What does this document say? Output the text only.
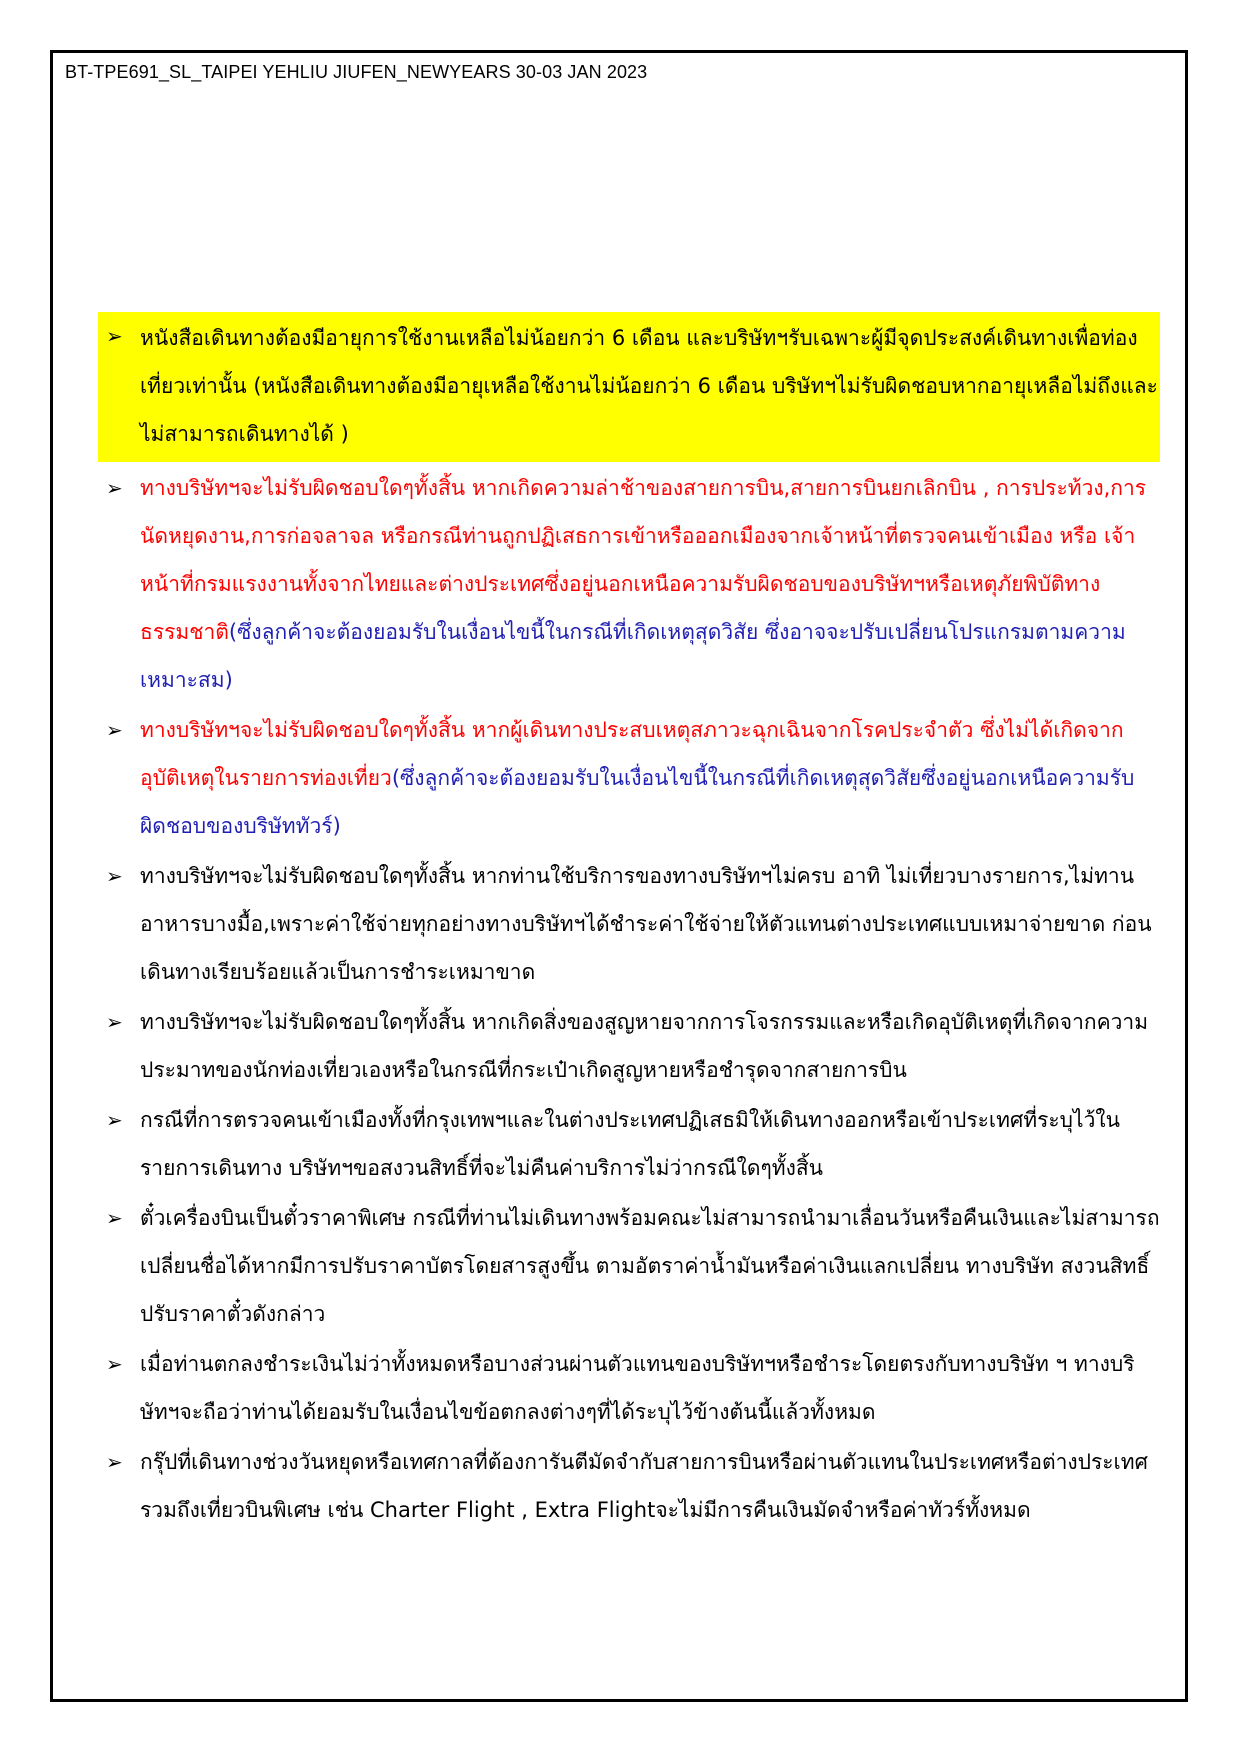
BT-TPE691_SL_TAIPEI YEHLIU JIUFEN_NEWYEARS 30-03 JAN 2023
➢ หนังสือเดินทางต้องมีอายุการใช้งานเหลือไม่น้อยกว่า 6 เดือน และบริษัทฯรับเฉพาะผู้มีจุดประสงค์เดินทางเพื่อท่องเที่ยวเท่านั้น (หนังสือเดินทางต้องมีอายุเหลือใช้งานไม่น้อยกว่า 6 เดือน บริษัทฯไม่รับผิดชอบหากอายุเหลือไม่ถึงและไม่สามารถเดินทางได้ )
➢ ทางบริษัทฯจะไม่รับผิดชอบใดๆทั้งสิ้น หากเกิดความล่าช้าของสายการบิน,สายการบินยกเลิกบิน , การประท้วง,การนัดหยุดงาน,การก่อจลาจล หรือกรณีท่านถูกปฏิเสธการเข้าหรือออกเมืองจากเจ้าหน้าที่ตรวจคนเข้าเมือง หรือ เจ้าหน้าที่กรมแรงงานทั้งจากไทยและต่างประเทศซึ่งอยู่นอกเหนือความรับผิดชอบของบริษัทฯหรือเหตุภัยพิบัติทางธรรมชาติ(ซึ่งลูกค้าจะต้องยอมรับในเงื่อนไขนี้ในกรณีที่เกิดเหตุสุดวิสัย ซึ่งอาจจะปรับเปลี่ยนโปรแกรมตามความเหมาะสม)
➢ ทางบริษัทฯจะไม่รับผิดชอบใดๆทั้งสิ้น หากผู้เดินทางประสบเหตุสภาวะฉุกเฉินจากโรคประจำตัว ซึ่งไม่ได้เกิดจากอุบัติเหตุในรายการท่องเที่ยว(ซึ่งลูกค้าจะต้องยอมรับในเงื่อนไขนี้ในกรณีที่เกิดเหตุสุดวิสัยซึ่งอยู่นอกเหนือความรับผิดชอบของบริษัททัวร์)
➢ ทางบริษัทฯจะไม่รับผิดชอบใดๆทั้งสิ้น หากท่านใช้บริการของทางบริษัทฯไม่ครบ อาทิ ไม่เที่ยวบางรายการ,ไม่ทานอาหารบางมื้อ,เพราะค่าใช้จ่ายทุกอย่างทางบริษัทฯได้ชำระค่าใช้จ่ายให้ตัวแทนต่างประเทศแบบเหมาจ่ายขาด ก่อนเดินทางเรียบร้อยแล้วเป็นการชำระเหมาขาด
➢ ทางบริษัทฯจะไม่รับผิดชอบใดๆทั้งสิ้น หากเกิดสิ่งของสูญหายจากการโจรกรรมและหรือเกิดอุบัติเหตุที่เกิดจากความประมาทของนักท่องเที่ยวเองหรือในกรณีที่กระเป๋าเกิดสูญหายหรือชำรุดจากสายการบิน
➢ กรณีที่การตรวจคนเข้าเมืองทั้งที่กรุงเทพฯและในต่างประเทศปฏิเสธมิให้เดินทางออกหรือเข้าประเทศที่ระบุไว้ในรายการเดินทาง บริษัทฯขอสงวนสิทธิ์ที่จะไม่คืนค่าบริการไม่ว่ากรณีใดๆทั้งสิ้น
➢ ตั๋วเครื่องบินเป็นตั๋วราคาพิเศษ กรณีที่ท่านไม่เดินทางพร้อมคณะไม่สามารถนำมาเลื่อนวันหรือคืนเงินและไม่สามารถเปลี่ยนชื่อได้หากมีการปรับราคาบัตรโดยสารสูงขึ้น ตามอัตราค่าน้ำมันหรือค่าเงินแลกเปลี่ยน ทางบริษัท สงวนสิทธิ์ปรับราคาตั๋วดังกล่าว
➢ เมื่อท่านตกลงชำระเงินไม่ว่าทั้งหมดหรือบางส่วนผ่านตัวแทนของบริษัทฯหรือชำระโดยตรงกับทางบริษัท ฯ ทางบริษัทฯจะถือว่าท่านได้ยอมรับในเงื่อนไขข้อตกลงต่างๆที่ได้ระบุไว้ข้างต้นนี้แล้วทั้งหมด
➢ กรุ๊ปที่เดินทางช่วงวันหยุดหรือเทศกาลที่ต้องการันตีมัดจำกับสายการบินหรือผ่านตัวแทนในประเทศหรือต่างประเทศ รวมถึงเที่ยวบินพิเศษ เช่น Charter Flight , Extra Flightจะไม่มีการคืนเงินมัดจำหรือค่าทัวร์ทั้งหมด
